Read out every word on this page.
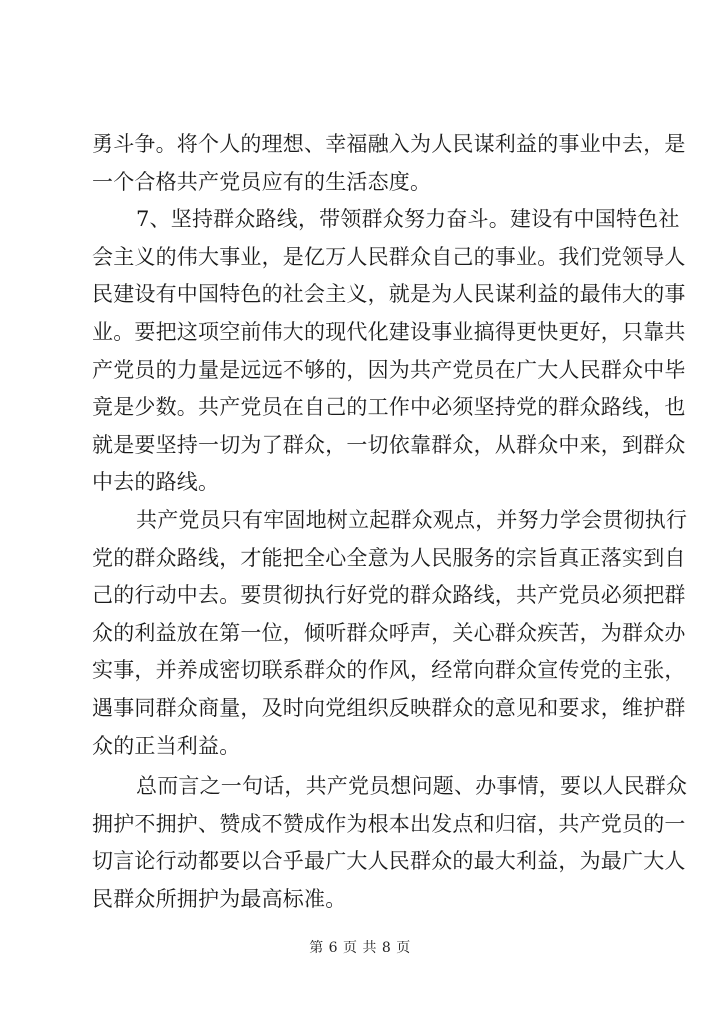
勇斗争。将个人的理想、幸福融入为人民谋利益的事业中去，是
一个合格共产党员应有的生活态度。

7、坚持群众路线，带领群众努力奋斗。建设有中国特色社
会主义的伟大事业，是亿万人民群众自己的事业。我们党领导人
民建设有中国特色的社会主义，就是为人民谋利益的最伟大的事
业。要把这项空前伟大的现代化建设事业搞得更快更好，只靠共
产党员的力量是远远不够的，因为共产党员在广大人民群众中毕
竟是少数。共产党员在自己的工作中必须坚持党的群众路线，也
就是要坚持一切为了群众，一切依靠群众，从群众中来，到群众
中去的路线。

共产党员只有牢固地树立起群众观点，并努力学会贯彻执行
党的群众路线，才能把全心全意为人民服务的宗旨真正落实到自
己的行动中去。要贯彻执行好党的群众路线，共产党员必须把群
众的利益放在第一位，倾听群众呼声，关心群众疾苦，为群众办
实事，并养成密切联系群众的作风，经常向群众宣传党的主张，
遇事同群众商量，及时向党组织反映群众的意见和要求，维护群
众的正当利益。

总而言之一句话，共产党员想问题、办事情，要以人民群众
拥护不拥护、赞成不赞成作为根本出发点和归宿，共产党员的一
切言论行动都要以合乎最广大人民群众的最大利益，为最广大人
民群众所拥护为最高标准。

第 6 页 共 8 页
